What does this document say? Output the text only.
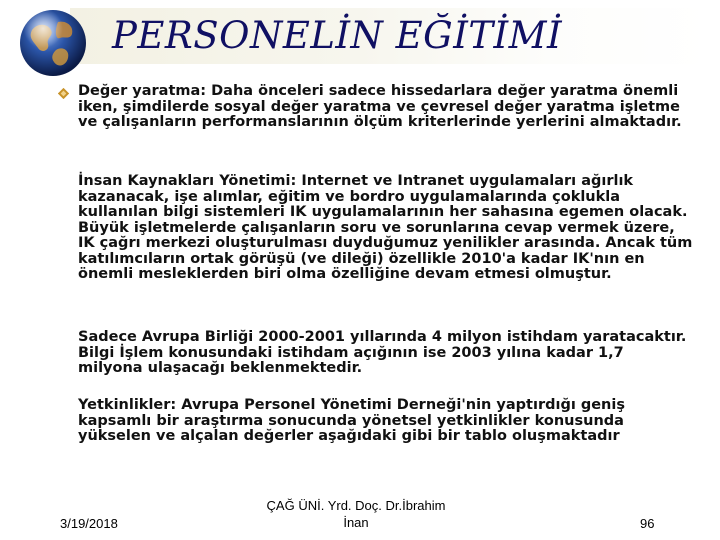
PERSONELİN EĞİTİMİ
Değer yaratma: Daha önceleri sadece hissedarlara değer yaratma önemli iken, şimdilerde sosyal değer yaratma ve çevresel değer yaratma işletme ve çalışanların performanslarının ölçüm kriterlerinde yerlerini almaktadır.
İnsan Kaynakları Yönetimi: Internet ve Intranet uygulamaları ağırlık kazanacak, işe alımlar, eğitim ve bordro uygulamalarında çoklukla kullanılan bilgi sistemleri IK uygulamalarının her sahasına egemen olacak. Büyük işletmelerde çalışanların soru ve sorunlarına cevap vermek üzere, IK çağrı merkezi oluşturulması duyduğumuz yenilikler arasında. Ancak tüm katılımcıların ortak görüşü (ve dileği) özellikle 2010'a kadar IK'nın en önemli mesleklerden biri olma özelliğine devam etmesi olmuştur.
Sadece Avrupa Birliği 2000-2001 yıllarında 4 milyon istihdam yaratacaktır. Bilgi İşlem konusundaki istihdam açığının ise 2003 yılına kadar 1,7 milyona ulaşacağı beklenmektedir.
Yetkinlikler: Avrupa Personel Yönetimi Derneği'nin yaptırdığı geniş kapsamlı bir araştırma sonucunda yönetsel yetkinlikler konusunda yükselen ve alçalan değerler aşağıdaki gibi bir tablo oluşmaktadır
3/19/2018
ÇAĞ ÜNİ. Yrd. Doç. Dr.İbrahim
İnan	96
